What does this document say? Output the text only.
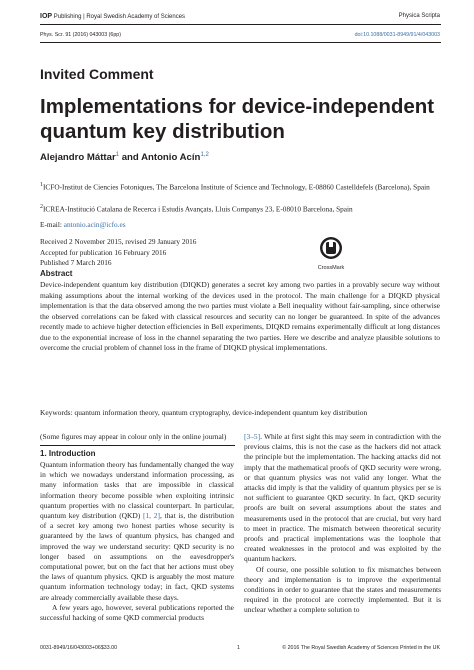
IOP Publishing | Royal Swedish Academy of Sciences	Physica Scripta
Phys. Scr. 91 (2016) 043003 (6pp)	doi:10.1088/0031-8949/91/4/043003
Invited Comment
Implementations for device-independent quantum key distribution
Alejandro Máttar$^1$ and Antonio Acín$^{1,2}$
$^1$ICFO-Institut de Ciencies Fotoniques, The Barcelona Institute of Science and Technology, E-08860 Castelldefels (Barcelona), Spain
$^2$ICREA-Institució Catalana de Recerca i Estudis Avançats, Lluis Companys 23, E-08010 Barcelona, Spain
E-mail: antonio.acin@icfo.es
Received 2 November 2015, revised 29 January 2016
Accepted for publication 16 February 2016
Published 7 March 2016
CrossMark
Abstract
Device-independent quantum key distribution (DIQKD) generates a secret key among two parties in a provably secure way without making assumptions about the internal working of the devices used in the protocol. The main challenge for a DIQKD physical implementation is that the data observed among the two parties must violate a Bell inequality without fair-sampling, since otherwise the observed correlations can be faked with classical resources and security can no longer be guaranteed. In spite of the advances recently made to achieve higher detection efficiencies in Bell experiments, DIQKD remains experimentally difficult at long distances due to the exponential increase of loss in the channel separating the two parties. Here we describe and analyze plausible solutions to overcome the crucial problem of channel loss in the frame of DIQKD physical implementations.
Keywords: quantum information theory, quantum cryptography, device-independent quantum key distribution
(Some figures may appear in colour only in the online journal)
1. Introduction

Quantum information theory has fundamentally changed the way in which we nowadays understand information processing, as many information tasks that are impossible in classical information theory become possible when exploiting intrinsic quantum properties with no classical counterpart. In particular, quantum key distribution (QKD) [1, 2], that is, the distribution of a secret key among two honest parties whose security is guaranteed by the laws of quantum physics, has changed and improved the way we understand security: QKD security is no longer based on assumptions on the eavesdropper's computational power, but on the fact that her actions must obey the laws of quantum physics. QKD is arguably the most mature quantum information technology today; in fact, QKD systems are already commercially available these days.

A few years ago, however, several publications reported the successful hacking of some QKD commercial products

[3–5]. While at first sight this may seem in contradiction with the previous claims, this is not the case as the hackers did not attack the principle but the implementation. The hacking attacks did not imply that the mathematical proofs of QKD security were wrong, or that quantum physics was not valid any longer. What the attacks did imply is that the validity of quantum physics per se is not sufficient to guarantee QKD security. In fact, QKD security proofs are built on several assumptions about the states and measurements used in the protocol that are crucial, but very hard to meet in practice. The mismatch between theoretical security proofs and practical implementations was the loophole that created weaknesses in the protocol and was exploited by the quantum hackers.

Of course, one possible solution to fix mismatches between theory and implementation is to improve the experimental conditions in order to guarantee that the states and measurements required in the protocol are correctly implemented. But it is unclear whether a complete solution to

0031-8949/16/043003+06$33.00	1	© 2016 The Royal Swedish Academy of Sciences Printed in the UK
